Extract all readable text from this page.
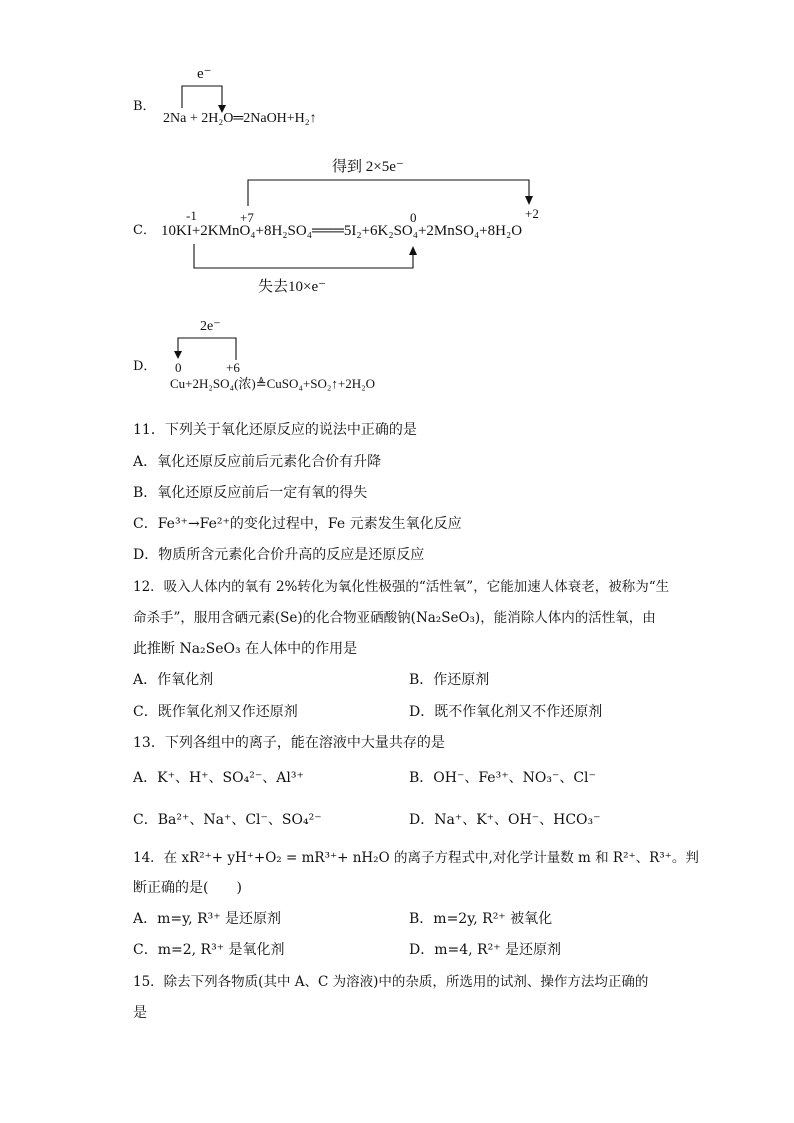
B．
e⁻
2Na + 2H₂O═2NaOH+H₂↑
C．
得到 2×5e⁻
-1	+7	0	+2
10KI+2KMnO₄+8H₂SO₄═══5I₂+6K₂SO₄+2MnSO₄+8H₂O
失去10×e⁻
D．
2e⁻
0	+6
Cu+2H₂SO₄(浓)≜CuSO₄+SO₂↑+2H₂O
11．下列关于氧化还原反应的说法中正确的是
A．氧化还原反应前后元素化合价有升降
B．氧化还原反应前后一定有氧的得失
C．Fe³⁺→Fe²⁺的变化过程中，Fe 元素发生氧化反应
D．物质所含元素化合价升高的反应是还原反应
12．吸入人体内的氧有 2%转化为氧化性极强的“活性氧”，它能加速人体衰老，被称为“生
命杀手”，服用含硒元素(Se)的化合物亚硒酸钠(Na₂SeO₃)，能消除人体内的活性氧，由
此推断 Na₂SeO₃ 在人体中的作用是
A．作氧化剂	B．作还原剂
C．既作氧化剂又作还原剂	D．既不作氧化剂又不作还原剂
13．下列各组中的离子，能在溶液中大量共存的是
A．K⁺、H⁺、SO₄²⁻、Al³⁺	B．OH⁻、Fe³⁺、NO₃⁻、Cl⁻
C．Ba²⁺、Na⁺、Cl⁻、SO₄²⁻	D．Na⁺、K⁺、OH⁻、HCO₃⁻
14．在 xR²⁺+ yH⁺+O₂ = mR³⁺+ nH₂O 的离子方程式中,对化学计量数 m 和 R²⁺、R³⁺。判
断正确的是(　　)
A．m=y, R³⁺ 是还原剂	B．m=2y, R²⁺ 被氧化
C．m=2, R³⁺ 是氧化剂	D．m=4, R²⁺ 是还原剂
15．除去下列各物质(其中 A、C 为溶液)中的杂质，所选用的试剂、操作方法均正确的
是
